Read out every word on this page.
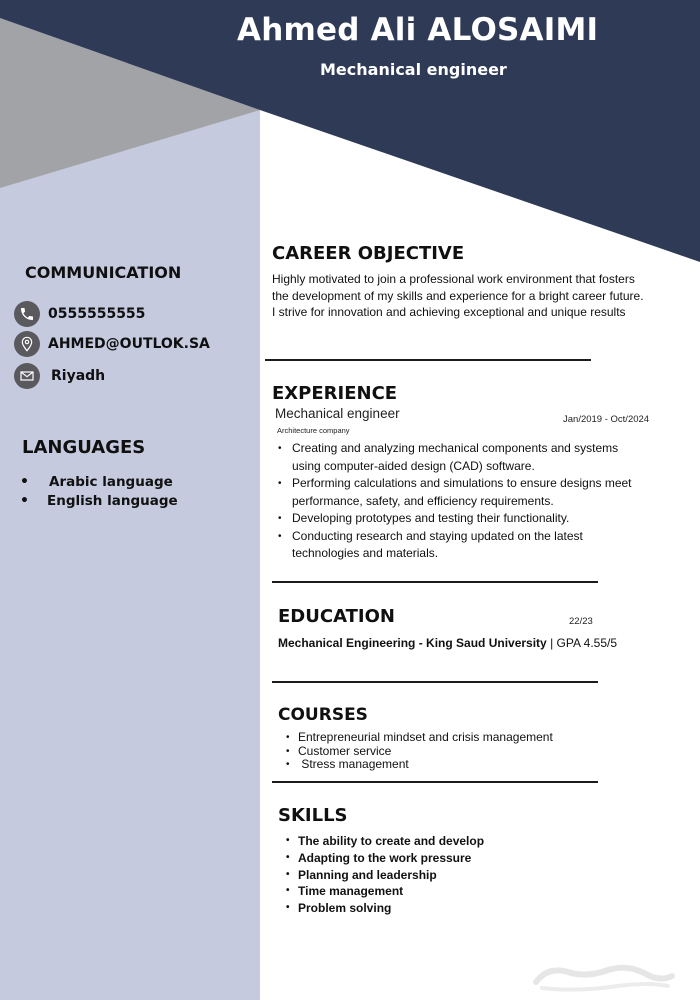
Ahmed Ali ALOSAIMI
Mechanical engineer
COMMUNICATION
0555555555
AHMED@OUTLOK.SA
Riyadh
LANGUAGES
•	Arabic language
•	English language
CAREER OBJECTIVE
Highly motivated to join a professional work environment that fosters the development of my skills and experience for a bright career future. I strive for innovation and achieving exceptional and unique results
EXPERIENCE
Mechanical engineer	Jan/2019 - Oct/2024
Architecture company
• Creating and analyzing mechanical components and systems using computer-aided design (CAD) software.
• Performing calculations and simulations to ensure designs meet performance, safety, and efficiency requirements.
• Developing prototypes and testing their functionality.
• Conducting research and staying updated on the latest technologies and materials.
EDUCATION	22/23
Mechanical Engineering - King Saud University | GPA 4.55/5
COURSES
• Entrepreneurial mindset and crisis management
• Customer service
•  Stress management
SKILLS
• The ability to create and develop
• Adapting to the work pressure
• Planning and leadership
• Time management
• Problem solving
